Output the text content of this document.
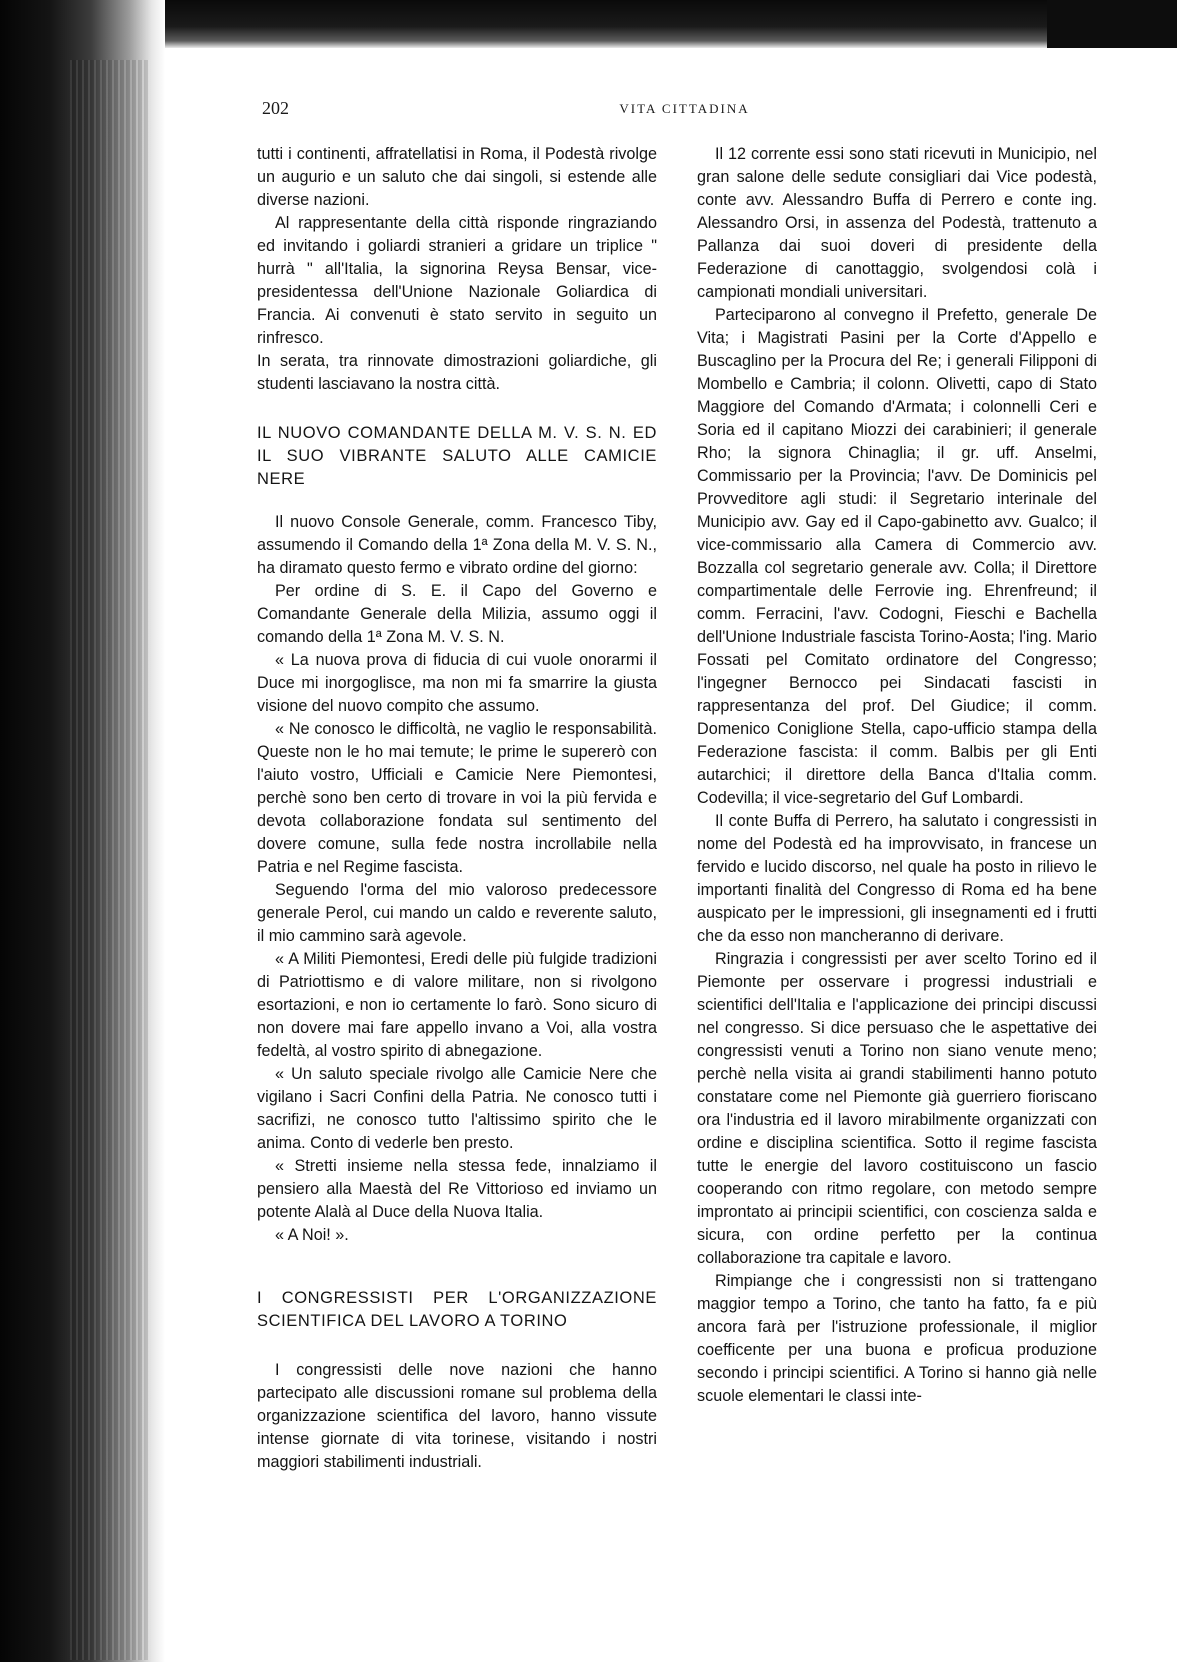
202	VITA CITTADINA

tutti i continenti, affratellatisi in Roma, il Podestà rivolge un augurio e un saluto che dai singoli, si estende alle diverse nazioni.

Al rappresentante della città risponde ringraziando ed invitando i goliardi stranieri a gridare un triplice " hurrà " all'Italia, la signorina Reysa Bensar, vice-presidentessa dell'Unione Nazionale Goliardica di Francia. Ai convenuti è stato servito in seguito un rinfresco.

In serata, tra rinnovate dimostrazioni goliardiche, gli studenti lasciavano la nostra città.

IL NUOVO COMANDANTE DELLA M. V. S. N. ED IL SUO VIBRANTE SALUTO ALLE CAMICIE NERE

Il nuovo Console Generale, comm. Francesco Tiby, assumendo il Comando della 1ª Zona della M. V. S. N., ha diramato questo fermo e vibrato ordine del giorno:

Per ordine di S. E. il Capo del Governo e Comandante Generale della Milizia, assumo oggi il comando della 1ª Zona M. V. S. N.

« La nuova prova di fiducia di cui vuole onorarmi il Duce mi inorgoglisce, ma non mi fa smarrire la giusta visione del nuovo compito che assumo.

« Ne conosco le difficoltà, ne vaglio le responsabilità. Queste non le ho mai temute; le prime le supererò con l'aiuto vostro, Ufficiali e Camicie Nere Piemontesi, perchè sono ben certo di trovare in voi la più fervida e devota collaborazione fondata sul sentimento del dovere comune, sulla fede nostra incrollabile nella Patria e nel Regime fascista.

Seguendo l'orma del mio valoroso predecessore generale Perol, cui mando un caldo e reverente saluto, il mio cammino sarà agevole.

« A Militi Piemontesi, Eredi delle più fulgide tradizioni di Patriottismo e di valore militare, non si rivolgono esortazioni, e non io certamente lo farò. Sono sicuro di non dovere mai fare appello invano a Voi, alla vostra fedeltà, al vostro spirito di abnegazione.

« Un saluto speciale rivolgo alle Camicie Nere che vigilano i Sacri Confini della Patria. Ne conosco tutti i sacrifizi, ne conosco tutto l'altissimo spirito che le anima. Conto di vederle ben presto.

« Stretti insieme nella stessa fede, innalziamo il pensiero alla Maestà del Re Vittorioso ed inviamo un potente Alalà al Duce della Nuova Italia.

« A Noi! ».

I CONGRESSISTI PER L'ORGANIZZAZIONE SCIENTIFICA DEL LAVORO A TORINO

I congressisti delle nove nazioni che hanno partecipato alle discussioni romane sul problema della organizzazione scientifica del lavoro, hanno vissute intense giornate di vita torinese, visitando i nostri maggiori stabilimenti industriali.

Il 12 corrente essi sono stati ricevuti in Municipio, nel gran salone delle sedute consigliari dai Vice podestà, conte avv. Alessandro Buffa di Perrero e conte ing. Alessandro Orsi, in assenza del Podestà, trattenuto a Pallanza dai suoi doveri di presidente della Federazione di canottaggio, svolgendosi colà i campionati mondiali universitari.

Parteciparono al convegno il Prefetto, generale De Vita; i Magistrati Pasini per la Corte d'Appello e Buscaglino per la Procura del Re; i generali Filipponi di Mombello e Cambria; il colonn. Olivetti, capo di Stato Maggiore del Comando d'Armata; i colonnelli Ceri e Soria ed il capitano Miozzi dei carabinieri; il generale Rho; la signora Chinaglia; il gr. uff. Anselmi, Commissario per la Provincia; l'avv. De Dominicis pel Provveditore agli studi: il Segretario interinale del Municipio avv. Gay ed il Capo-gabinetto avv. Gualco; il vice-commissario alla Camera di Commercio avv. Bozzalla col segretario generale avv. Colla; il Direttore compartimentale delle Ferrovie ing. Ehrenfreund; il comm. Ferracini, l'avv. Codogni, Fieschi e Bachella dell'Unione Industriale fascista Torino-Aosta; l'ing. Mario Fossati pel Comitato ordinatore del Congresso; l'ingegner Bernocco pei Sindacati fascisti in rappresentanza del prof. Del Giudice; il comm. Domenico Coniglione Stella, capo-ufficio stampa della Federazione fascista: il comm. Balbis per gli Enti autarchici; il direttore della Banca d'Italia comm. Codevilla; il vice-segretario del Guf Lombardi.

Il conte Buffa di Perrero, ha salutato i congressisti in nome del Podestà ed ha improvvisato, in francese un fervido e lucido discorso, nel quale ha posto in rilievo le importanti finalità del Congresso di Roma ed ha bene auspicato per le impressioni, gli insegnamenti ed i frutti che da esso non mancheranno di derivare.

Ringrazia i congressisti per aver scelto Torino ed il Piemonte per osservare i progressi industriali e scientifici dell'Italia e l'applicazione dei principi discussi nel congresso. Si dice persuaso che le aspettative dei congressisti venuti a Torino non siano venute meno; perchè nella visita ai grandi stabilimenti hanno potuto constatare come nel Piemonte già guerriero fioriscano ora l'industria ed il lavoro mirabilmente organizzati con ordine e disciplina scientifica. Sotto il regime fascista tutte le energie del lavoro costituiscono un fascio cooperando con ritmo regolare, con metodo sempre improntato ai principii scientifici, con coscienza salda e sicura, con ordine perfetto per la continua collaborazione tra capitale e lavoro.

Rimpiange che i congressisti non si trattengano maggior tempo a Torino, che tanto ha fatto, fa e più ancora farà per l'istruzione professionale, il miglior coefficente per una buona e proficua produzione secondo i principi scientifici. A Torino si hanno già nelle scuole elementari le classi inte-
